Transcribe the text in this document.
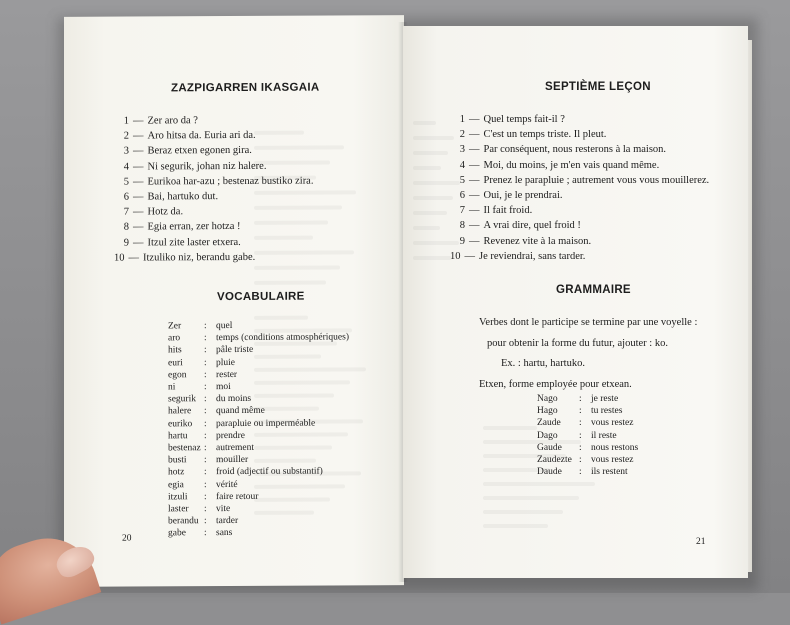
ZAZPIGARREN IKASGAIA
1 — Zer aro da ?
2 — Aro hitsa da. Euria ari da.
3 — Beraz etxen egonen gira.
4 — Ni segurik, johan niz halere.
5 — Eurikoa har-azu ; bestenaz bustiko zira.
6 — Bai, hartuko dut.
7 — Hotz da.
8 — Egia erran, zer hotza !
9 — Itzul zite laster etxera.
10 — Itzuliko niz, berandu gabe.
VOCABULAIRE
Zer : quel
aro	: temps (conditions atmosphériques)
hits : pâle triste
euri : pluie
egon : rester
ni	: moi
segurik : du moins
halere : quand même
euriko : parapluie ou imperméable
hartu : prendre
bestenaz : autrement
busti : mouiller
hotz : froid (adjectif ou substantif)
egia : vérité
itzuli : faire retour
laster : vite
berandu : tarder
gabe : sans
20
SEPTIÈME LEÇON
1 — Quel temps fait-il ?
2 — C'est un temps triste. Il pleut.
3 — Par conséquent, nous resterons à la maison.
4 — Moi, du moins, je m'en vais quand même.
5 — Prenez le parapluie ; autrement vous vous mouillerez.
6 — Oui, je le prendrai.
7 — Il fait froid.
8 — A vrai dire, quel froid !
9 — Revenez vite à la maison.
10 — Je reviendrai, sans tarder.
GRAMMAIRE
Verbes dont le participe se termine par une voyelle :
pour obtenir la forme du futur, ajouter : ko.
Ex. : hartu, hartuko.
Etxen, forme employée pour etxean.
Nago : je reste
Hago : tu restes
Zaude : vous restez
Dago : il reste
Gaude : nous restons
Zaudezte : vous restez
Daude : ils restent
21
